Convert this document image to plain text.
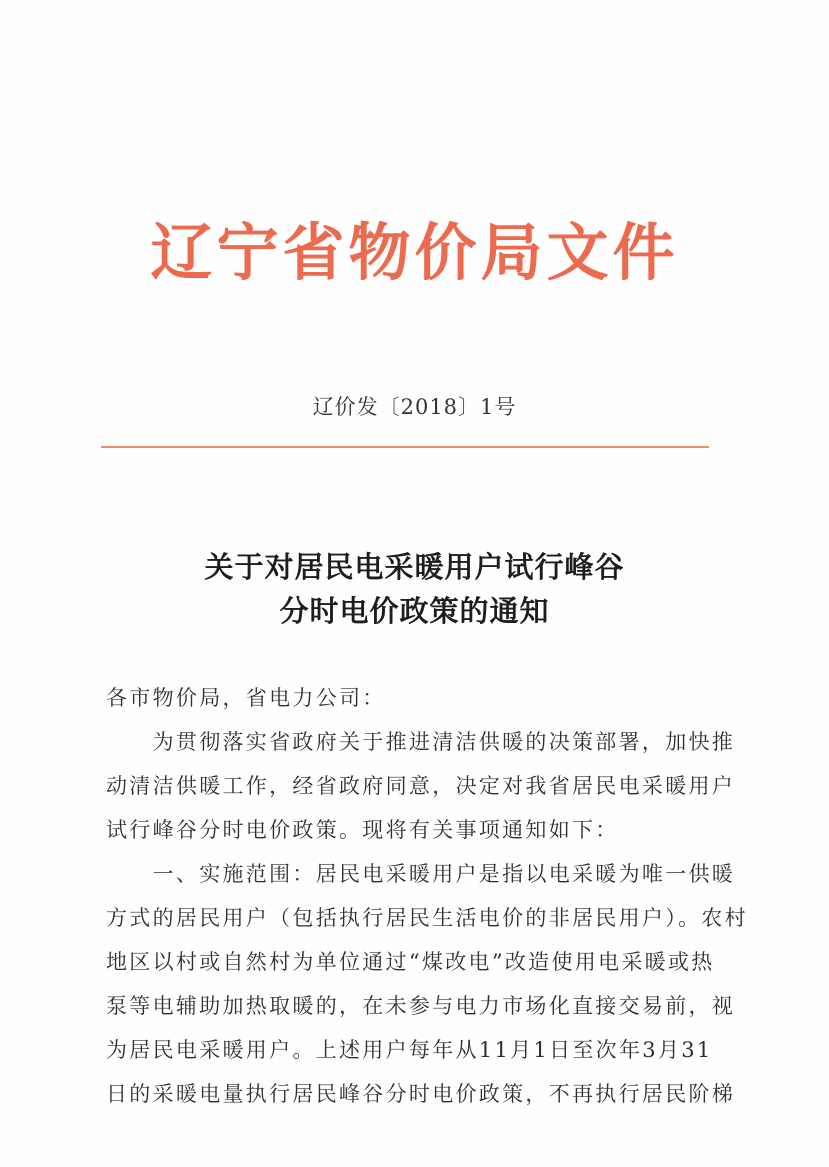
辽宁省物价局文件
辽价发〔2018〕1号
关于对居民电采暖用户试行峰谷
分时电价政策的通知
各市物价局，省电力公司：
　　为贯彻落实省政府关于推进清洁供暖的决策部署，加快推
动清洁供暖工作，经省政府同意，决定对我省居民电采暖用户
试行峰谷分时电价政策。现将有关事项通知如下：
　　一、实施范围：居民电采暖用户是指以电采暖为唯一供暖
方式的居民用户（包括执行居民生活电价的非居民用户）。农村
地区以村或自然村为单位通过“煤改电”改造使用电采暖或热
泵等电辅助加热取暖的，在未参与电力市场化直接交易前，视
为居民电采暖用户。上述用户每年从11月1日至次年3月31
日的采暖电量执行居民峰谷分时电价政策，不再执行居民阶梯
